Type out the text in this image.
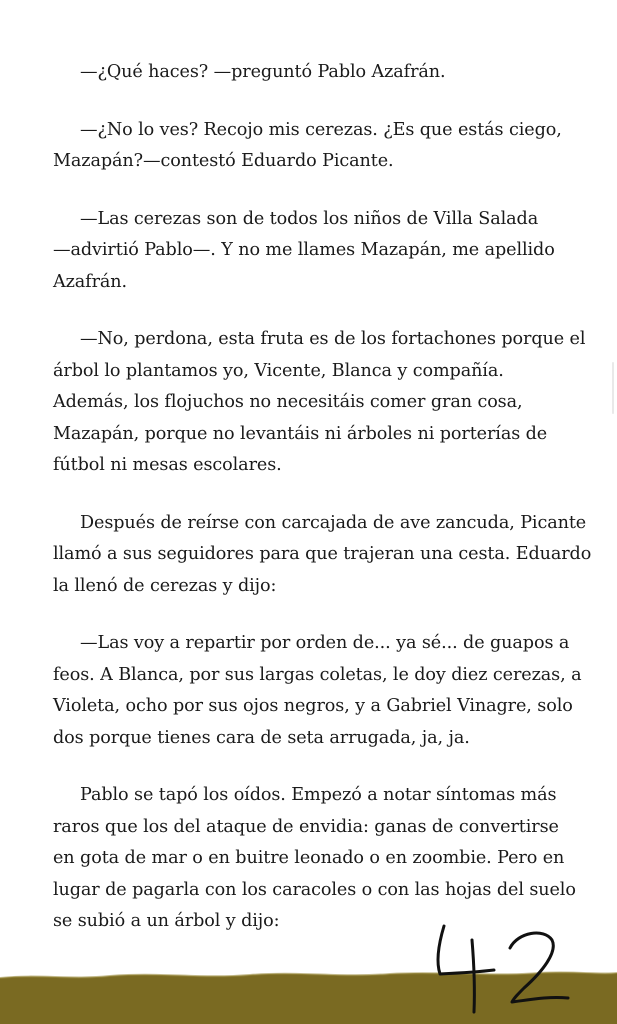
—¿Qué haces? —preguntó Pablo Azafrán.

—¿No lo ves? Recojo mis cerezas. ¿Es que estás ciego,
Mazapán?—contestó Eduardo Picante.

—Las cerezas son de todos los niños de Villa Salada
—advirtió Pablo—. Y no me llames Mazapán, me apellido
Azafrán.

—No, perdona, esta fruta es de los fortachones porque el
árbol lo plantamos yo, Vicente, Blanca y compañía.
Además, los flojuchos no necesitáis comer gran cosa,
Mazapán, porque no levantáis ni árboles ni porterías de
fútbol ni mesas escolares.

Después de reírse con carcajada de ave zancuda, Picante
llamó a sus seguidores para que trajeran una cesta. Eduardo
la llenó de cerezas y dijo:

—Las voy a repartir por orden de... ya sé... de guapos a
feos. A Blanca, por sus largas coletas, le doy diez cerezas, a
Violeta, ocho por sus ojos negros, y a Gabriel Vinagre, solo
dos porque tienes cara de seta arrugada, ja, ja.

Pablo se tapó los oídos. Empezó a notar síntomas más
raros que los del ataque de envidia: ganas de convertirse
en gota de mar o en buitre leonado o en zoombie. Pero en
lugar de pagarla con los caracoles o con las hojas del suelo
se subió a un árbol y dijo:
